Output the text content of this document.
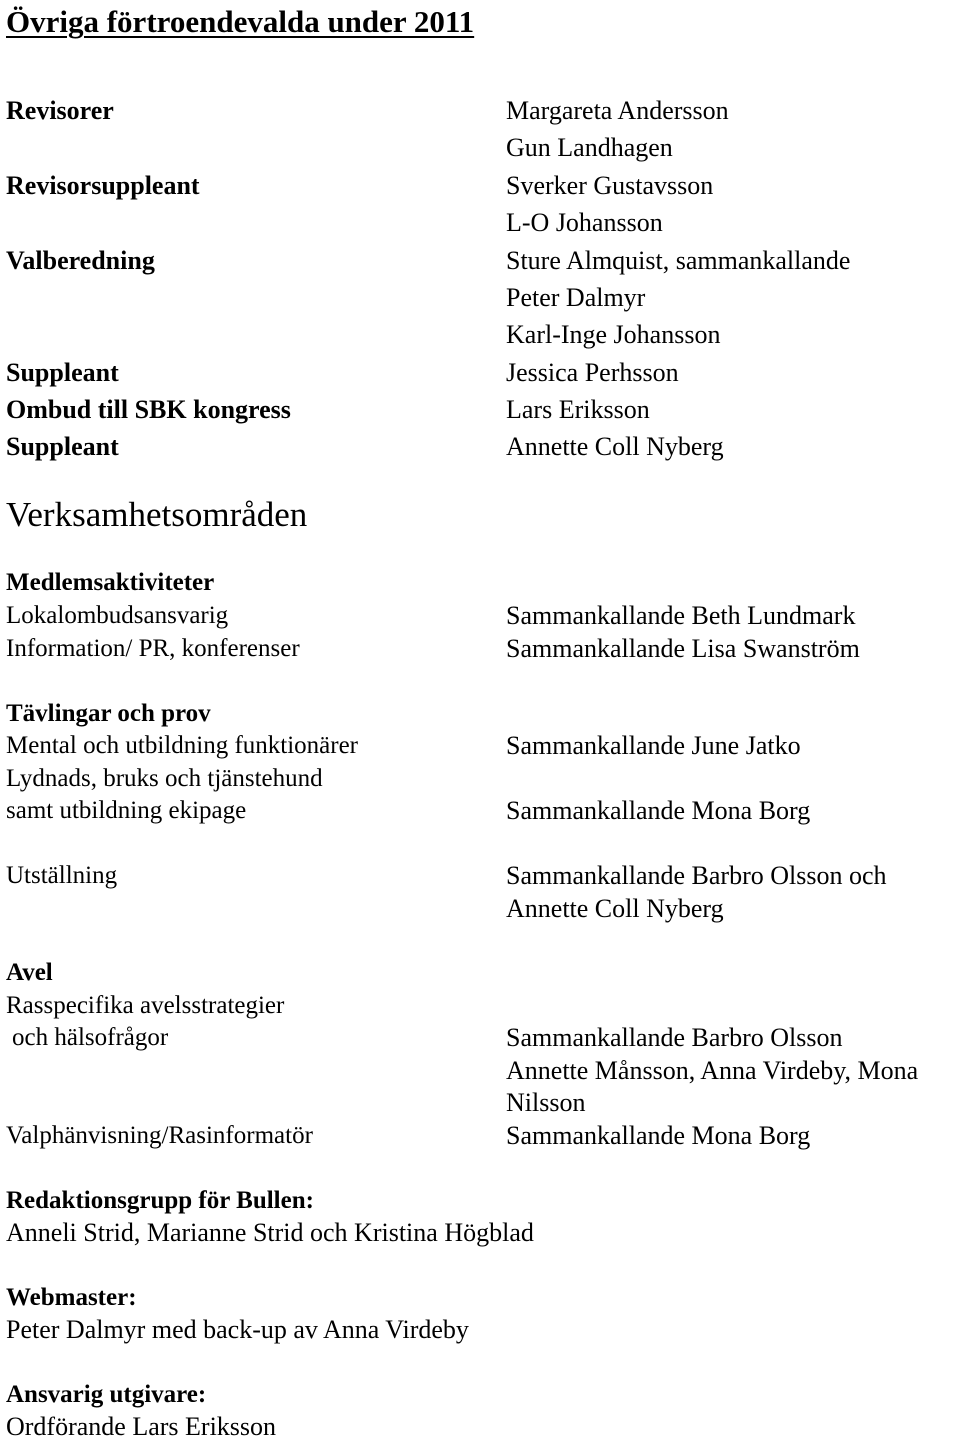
Övriga förtroendevalda under 2011
Revisorer
Revisorsuppleant
Valberedning
Suppleant
Ombud till SBK kongress
Suppleant
Margareta Andersson
Gun Landhagen
Sverker Gustavsson
L-O Johansson
Sture Almquist, sammankallande
Peter Dalmyr
Karl-Inge Johansson
Jessica Perhsson
Lars Eriksson
Annette Coll Nyberg
Verksamhetsområden
Medlemsaktiviteter
Lokalombudsansvarig
Information/ PR, konferenser
Sammankallande Beth Lundmark
Sammankallande Lisa Swanström
Tävlingar och prov
Mental och utbildning funktionärer
Lydnads, bruks och tjänstehund
samt utbildning ekipage
Sammankallande June Jatko
Sammankallande Mona Borg
Utställning	Sammankallande Barbro Olsson och
Annette Coll Nyberg
Avel
Rasspecifika avelsstrategier
och hälsofrågor
Valphänvisning/Rasinformatör
Sammankallande Barbro Olsson
Annette Månsson, Anna Virdeby, Mona
Nilsson
Sammankallande Mona Borg
Redaktionsgrupp för Bullen:
Anneli Strid, Marianne Strid och Kristina Högblad
Webmaster:
Peter Dalmyr med back-up av Anna Virdeby
Ansvarig utgivare:
Ordförande Lars Eriksson
